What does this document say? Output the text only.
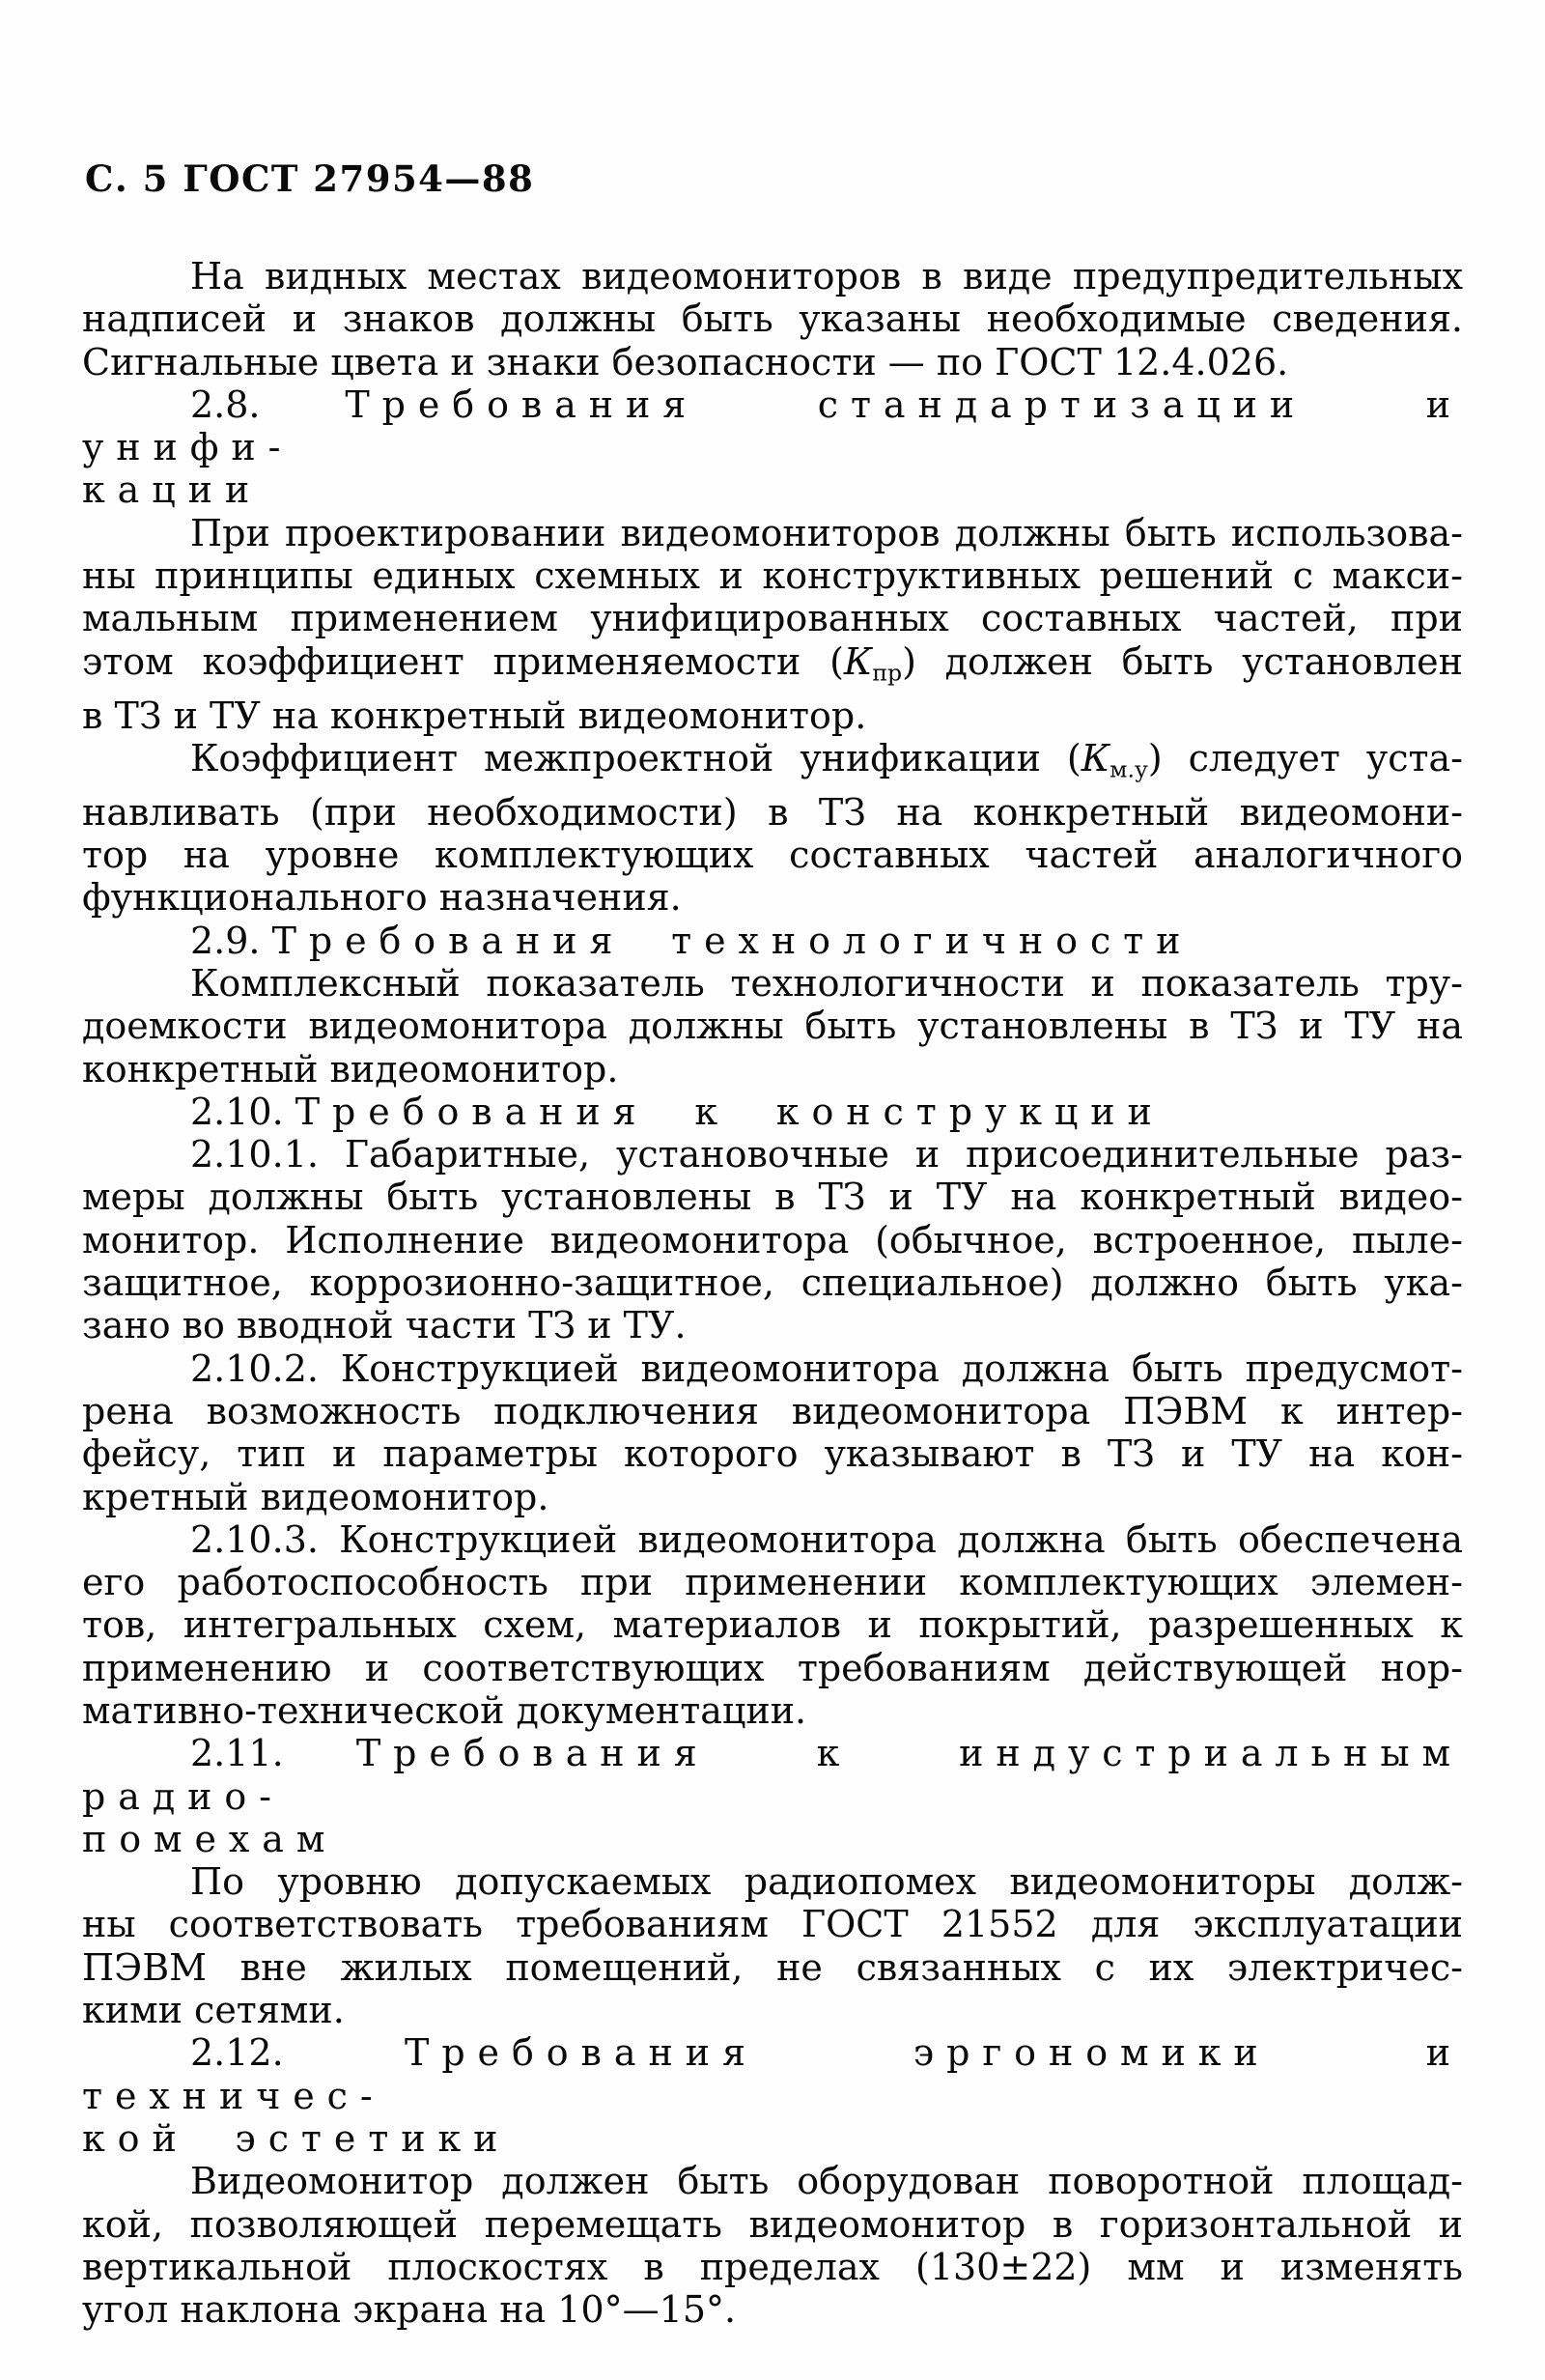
С. 5 ГОСТ 27954—88
На видных местах видеомониторов в виде предупредительных
надписей и знаков должны быть указаны необходимые сведения.
Сигнальные цвета и знаки безопасности — по ГОСТ 12.4.026.
2.8. Требования стандартизации и унифи-
кации
При проектировании видеомониторов должны быть использова-
ны принципы единых схемных и конструктивных решений с макси-
мальным применением унифицированных составных частей, при
этом коэффициент применяемости $(К_{пр})$ должен быть установлен
в ТЗ и ТУ на конкретный видеомонитор.
Коэффициент межпроектной унификации $(К_{м.у})$ следует уста-
навливать (при необходимости) в ТЗ на конкретный видеомони-
тор на уровне комплектующих составных частей аналогичного
функционального назначения.
2.9. Требования технологичности
Комплексный показатель технологичности и показатель тру-
доемкости видеомонитора должны быть установлены в ТЗ и ТУ на
конкретный видеомонитор.
2.10. Требования к конструкции
2.10.1. Габаритные, установочные и присоединительные раз-
меры должны быть установлены в ТЗ и ТУ на конкретный видео-
монитор. Исполнение видеомонитора (обычное, встроенное, пыле-
защитное, коррозионно-защитное, специальное) должно быть ука-
зано во вводной части ТЗ и ТУ.
2.10.2. Конструкцией видеомонитора должна быть предусмот-
рена возможность подключения видеомонитора ПЭВМ к интер-
фейсу, тип и параметры которого указывают в ТЗ и ТУ на кон-
кретный видеомонитор.
2.10.3. Конструкцией видеомонитора должна быть обеспечена
его работоспособность при применении комплектующих элемен-
тов, интегральных схем, материалов и покрытий, разрешенных к
применению и соответствующих требованиям действующей нор-
мативно-технической документации.
2.11. Требования к индустриальным радио-
помехам
По уровню допускаемых радиопомех видеомониторы долж-
ны соответствовать требованиям ГОСТ 21552 для эксплуатации
ПЭВМ вне жилых помещений, не связанных с их электричес-
кими сетями.
2.12. Требования эргономики и техничес-
кой эстетики
Видеомонитор должен быть оборудован поворотной площад-
кой, позволяющей перемещать видеомонитор в горизонтальной и
вертикальной плоскостях в пределах (130±22) мм и изменять
угол наклона экрана на 10°—15°.
